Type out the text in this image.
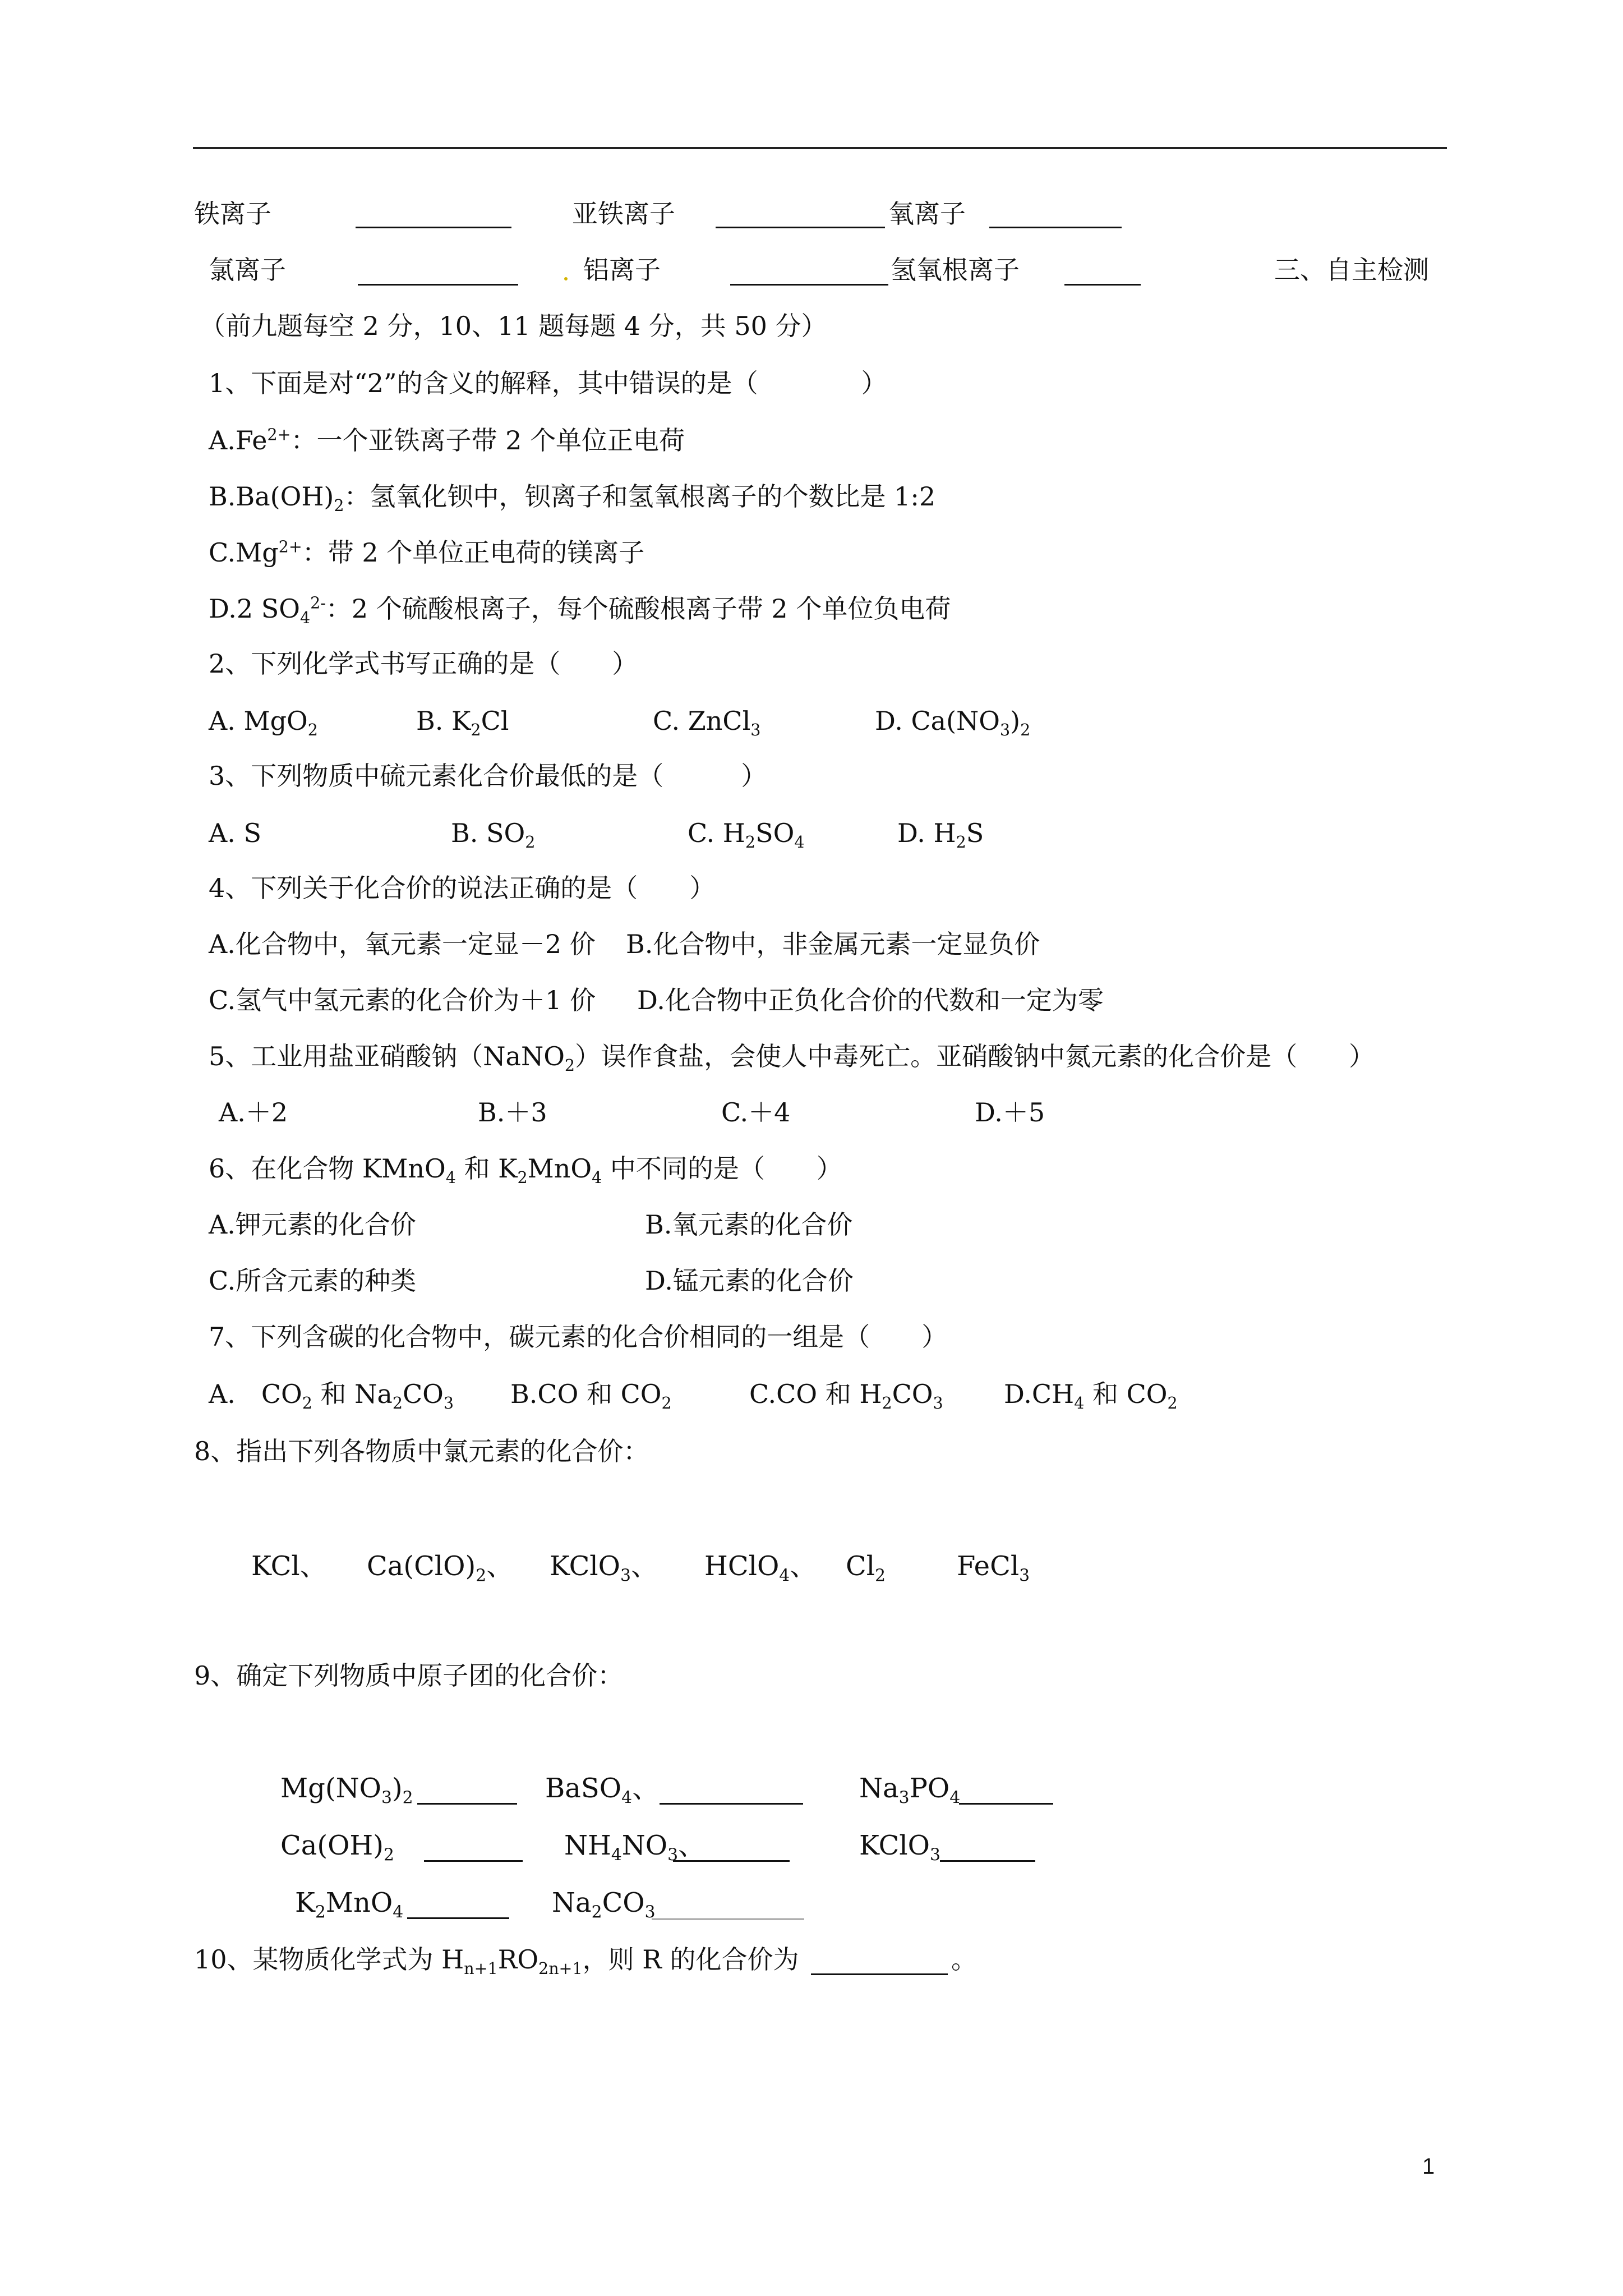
铁离子	亚铁离子	氧离子
氯离子	铝离子	氢氧根离子	三、自主检测
（前九题每空 2 分，10、11 题每题 4 分，共 50 分）
1、下面是对“2”的含义的解释，其中错误的是（　　　　）
$A.Fe^{2+}$：一个亚铁离子带 2 个单位正电荷
$B.Ba(OH)_2$：氢氧化钡中，钡离子和氢氧根离子的个数比是 1:2
$C.Mg^{2+}$：带 2 个单位正电荷的镁离子
D.2 $SO_4^{2-}$：2 个硫酸根离子，每个硫酸根离子带 2 个单位负电荷
2、下列化学式书写正确的是（　　）
A. MgO$_2$	B. $K_2Cl$	C. ZnCl$_3$	D. $Ca(NO_3)_2$
3、下列物质中硫元素化合价最低的是（　　　）
A. S	B. $SO_2$	C. $H_2SO_4$	D. $H_2S$
4、下列关于化合价的说法正确的是（　　）
A.化合物中，氧元素一定显－2 价 B.化合物中，非金属元素一定显负价
C.氢气中氢元素的化合价为＋1 价 D.化合物中正负化合价的代数和一定为零
5、工业用盐亚硝酸钠（NaNO$_2$）误作食盐，会使人中毒死亡。亚硝酸钠中氮元素的化合价是（　　）
A.＋2	B.＋3	C.＋4	D.＋5
6、在化合物 KMnO$_4$ 和 $K_2MnO_4$ 中不同的是（　　）
A.钾元素的化合价	B.氧元素的化合价
C.所含元素的种类	D.锰元素的化合价
7、下列含碳的化合物中，碳元素的化合价相同的一组是（　　）
A.　$CO_2$ 和 $Na_2CO_3$ B.CO 和 $CO_2$	C.CO 和 $H_2CO_3$ $D.CH_4$ 和 $CO_2$
8、指出下列各物质中氯元素的化合价：
KCl、 $Ca(ClO)_2$、 KClO$_3$、 HClO$_4$、 $Cl_2$	FeCl$_3$
9、确定下列物质中原子团的化合价：
$Mg(NO_3)_2$	BaSO$_4$、	$Na_3PO_4$
$Ca(OH)_2$	$NH_4NO_3$、	KClO$_3$
$K_2MnO_4$	$Na_2CO_3$
10、某物质化学式为 $H_{n+1}RO_{2n+1}$，则 R 的化合价为	。
1
